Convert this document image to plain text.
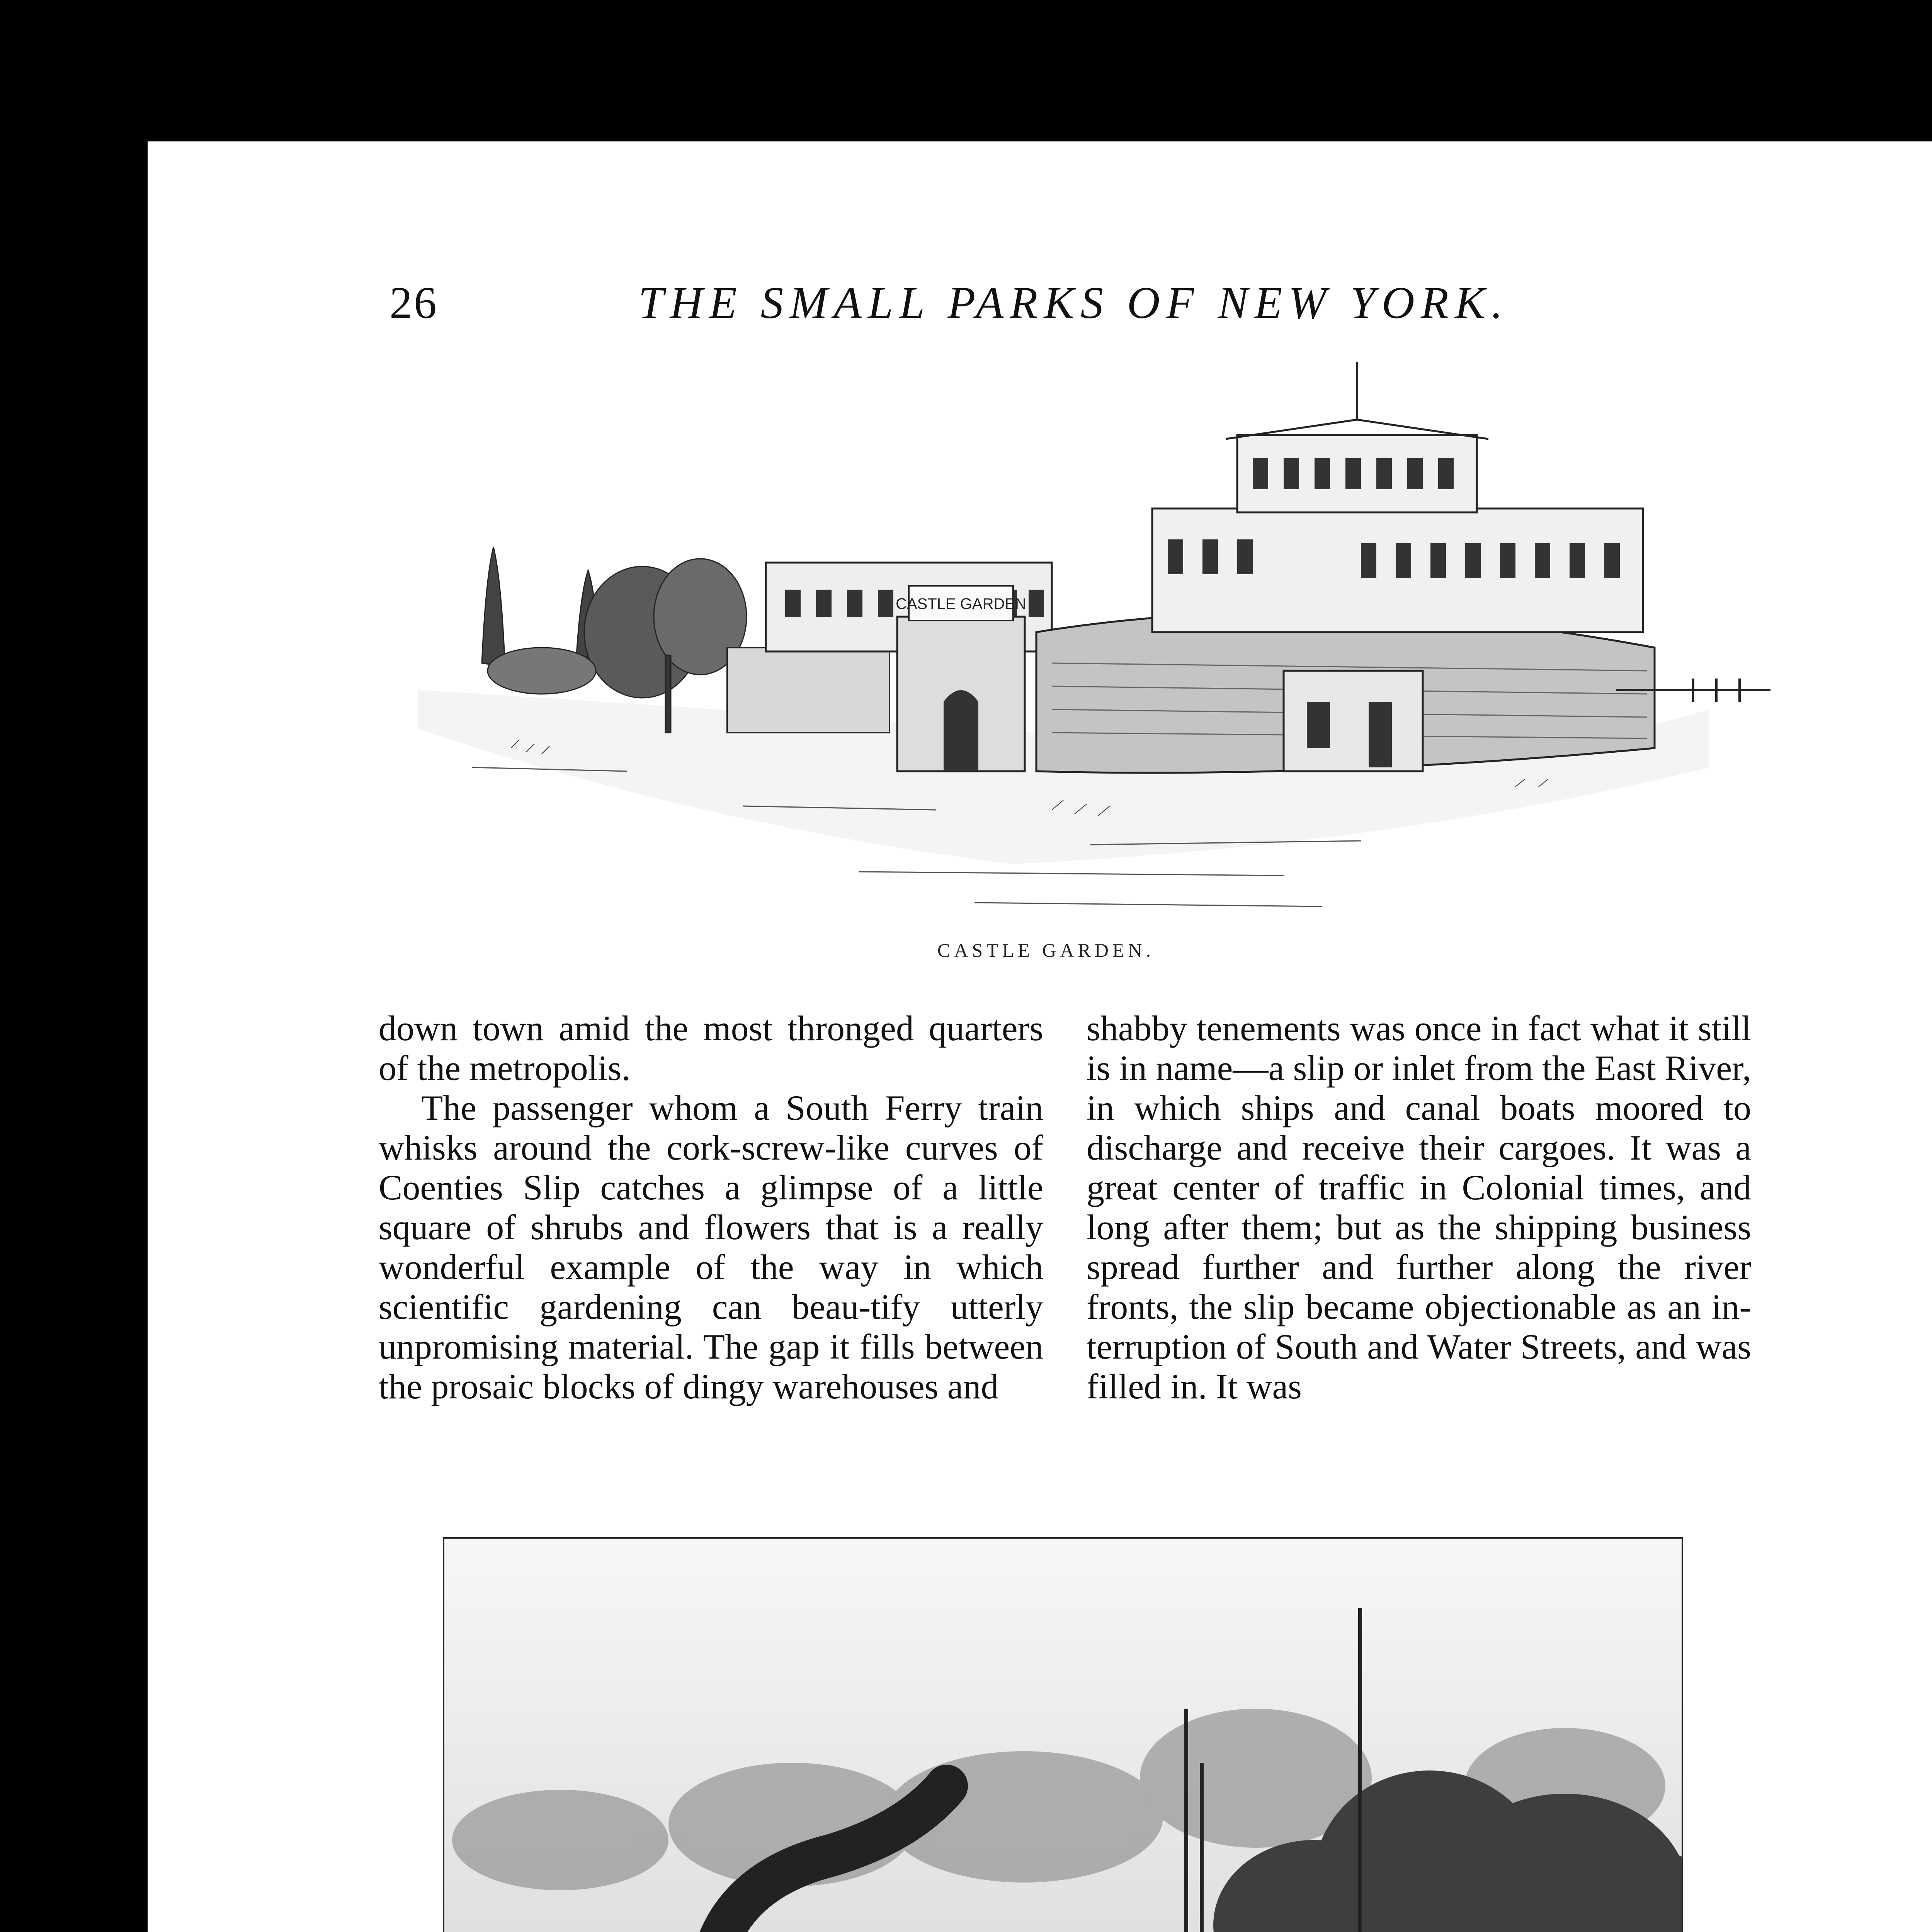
26	THE SMALL PARKS OF NEW YORK.
CASTLE GARDEN
CASTLE GARDEN.

down town amid the most thronged quarters of the metropolis.

The passenger whom a South Ferry train whisks around the cork-screw-like curves of Coenties Slip catches a glimpse of a little square of shrubs and flowers that is a really wonderful example of the way in which scientific gardening can beau-tify utterly unpromising material. The gap it fills between the prosaic blocks of dingy warehouses and

shabby tenements was once in fact what it still is in name—a slip or inlet from the East River, in which ships and canal boats moored to discharge and receive their cargoes. It was a great center of traffic in Colonial times, and long after them; but as the shipping business spread further and further along the river fronts, the slip became objectionable as an in-terruption of South and Water Streets, and was filled in. It was
